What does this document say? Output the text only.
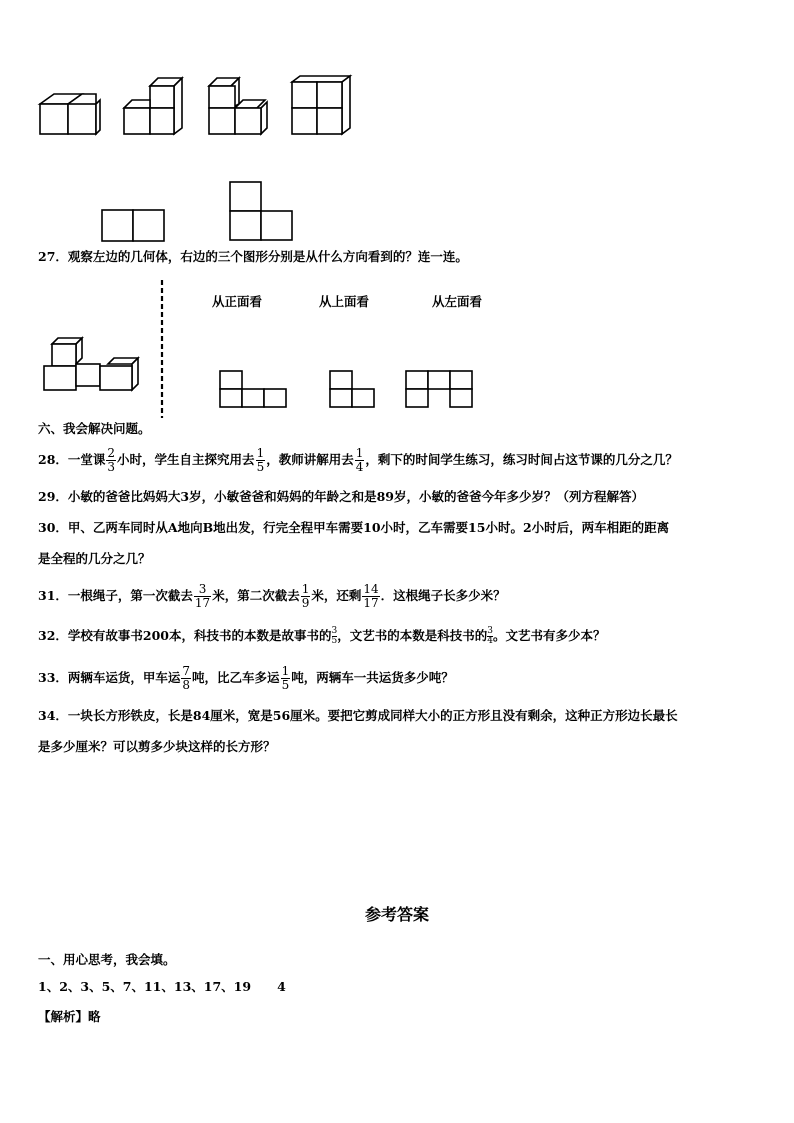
27．观察左边的几何体，右边的三个图形分别是从什么方向看到的？连一连。
从正面看	从上面看	从左面看
六、我会解决问题。
28．一堂课 $\frac{2}{3}$ 小时，学生自主探究用去 $\frac{1}{5}$ ，教师讲解用去 $\frac{1}{4}$ ，剩下的时间学生练习，练习时间占这节课的几分之几？
29．小敏的爸爸比妈妈大3岁，小敏爸爸和妈妈的年龄之和是89岁，小敏的爸爸今年多少岁？（列方程解答）
30．甲、乙两车同时从A地向B地出发，行完全程甲车需要10小时，乙车需要15小时。2小时后，两车相距的距离
是全程的几分之几？
31．一根绳子，第一次截去 $\frac{3}{17}$ 米，第二次截去 $\frac{1}{9}$ 米，还剩 $\frac{14}{17}$ ．这根绳子长多少米？
32．学校有故事书200本，科技书的本数是故事书的 $\frac{3}{5}$ ，文艺书的本数是科技书的 $\frac{3}{4}$ 。文艺书有多少本？
33．两辆车运货，甲车运 $\frac{7}{8}$ 吨，比乙车多运 $\frac{1}{5}$ 吨，两辆车一共运货多少吨？
34．一块长方形铁皮，长是84厘米，宽是56厘米。要把它剪成同样大小的正方形且没有剩余，这种正方形边长最长
是多少厘米？可以剪多少块这样的长方形？
参考答案
一、用心思考，我会填。
1、2、3、5、7、11、13、17、19 4
【解析】略
